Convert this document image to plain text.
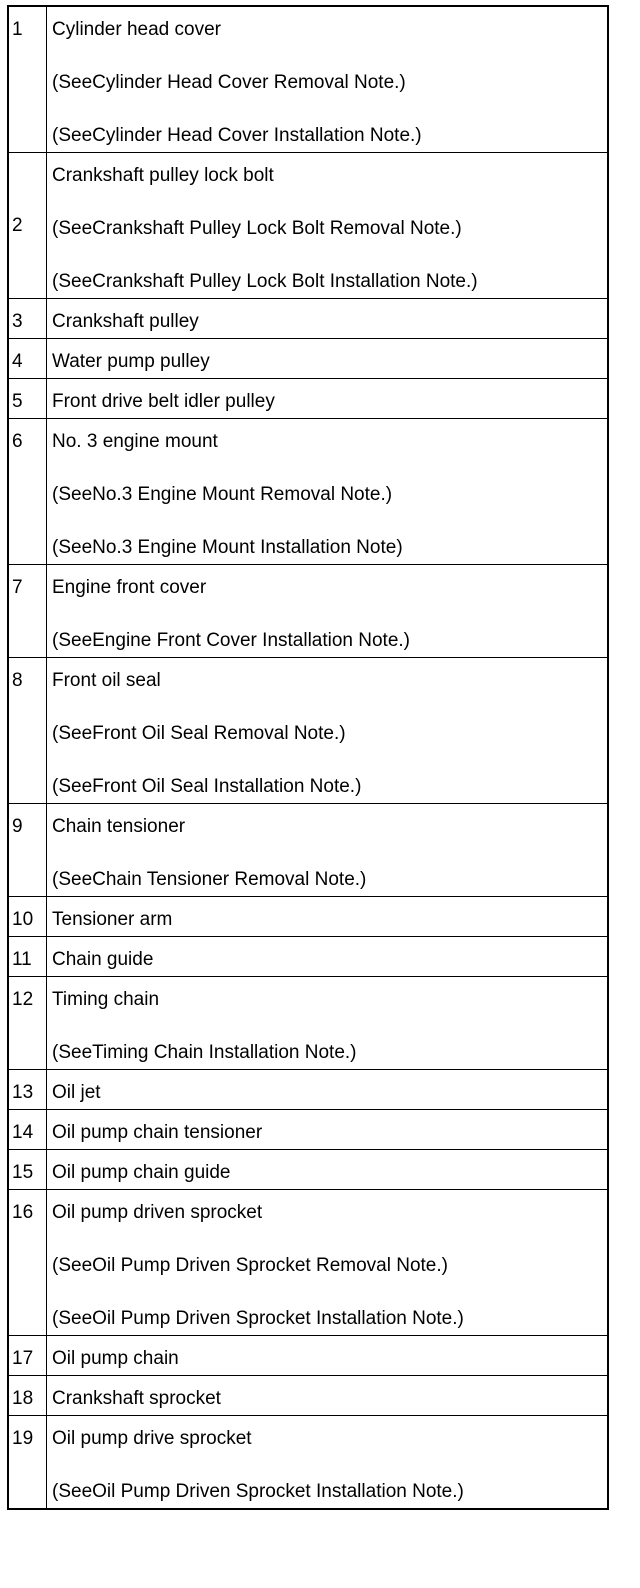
1	Cylinder head cover
(SeeCylinder Head Cover Removal Note.)
(SeeCylinder Head Cover Installation Note.)

2	Crankshaft pulley lock bolt
(SeeCrankshaft Pulley Lock Bolt Removal Note.)
(SeeCrankshaft Pulley Lock Bolt Installation Note.)

3	Crankshaft pulley

4	Water pump pulley

5	Front drive belt idler pulley

6	No. 3 engine mount
(SeeNo.3 Engine Mount Removal Note.)
(SeeNo.3 Engine Mount Installation Note)

7	Engine front cover
(SeeEngine Front Cover Installation Note.)

8	Front oil seal
(SeeFront Oil Seal Removal Note.)
(SeeFront Oil Seal Installation Note.)

9	Chain tensioner
(SeeChain Tensioner Removal Note.)

10	Tensioner arm

11	Chain guide

12	Timing chain
(SeeTiming Chain Installation Note.)

13	Oil jet

14	Oil pump chain tensioner

15	Oil pump chain guide

16	Oil pump driven sprocket
(SeeOil Pump Driven Sprocket Removal Note.)
(SeeOil Pump Driven Sprocket Installation Note.)

17	Oil pump chain

18	Crankshaft sprocket

19	Oil pump drive sprocket
(SeeOil Pump Driven Sprocket Installation Note.)
